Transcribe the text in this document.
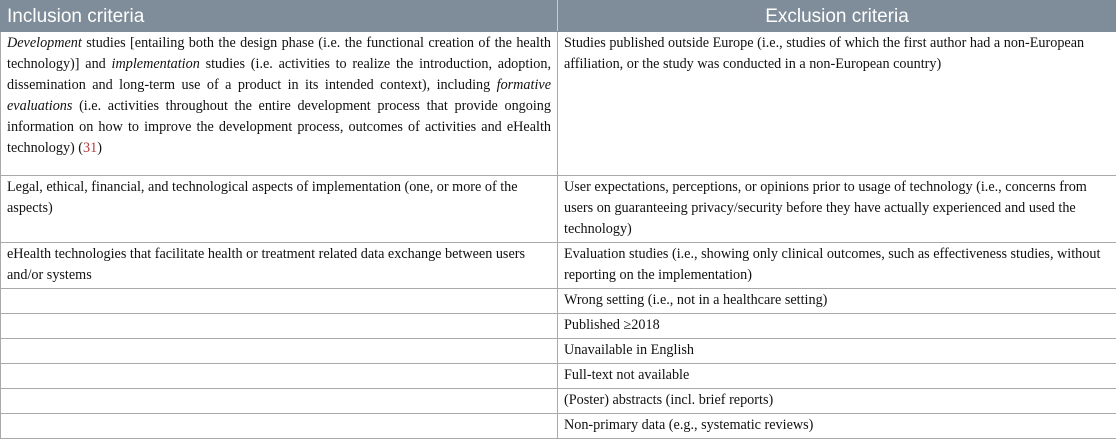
Inclusion criteria	Exclusion criteria
Development studies [entailing both the design phase (i.e. the functional creation of the health technology)] and implementation studies (i.e. activities to realize the introduction, adoption, dissemination and long-term use of a product in its intended context), including formative evaluations (i.e. activities throughout the entire development process that provide ongoing information on how to improve the development process, outcomes of activities and eHealth technology) (31)	Studies published outside Europe (i.e., studies of which the first author had a non-European affiliation, or the study was conducted in a non-European country)
Legal, ethical, financial, and technological aspects of implementation (one, or more of the aspects)	User expectations, perceptions, or opinions prior to usage of technology (i.e., concerns from users on guaranteeing privacy/security before they have actually experienced and used the technology)
eHealth technologies that facilitate health or treatment related data exchange between users and/or systems	Evaluation studies (i.e., showing only clinical outcomes, such as effectiveness studies, without reporting on the implementation)
	Wrong setting (i.e., not in a healthcare setting)
	Published ≥2018
	Unavailable in English
	Full-text not available
	(Poster) abstracts (incl. brief reports)
	Non-primary data (e.g., systematic reviews)
